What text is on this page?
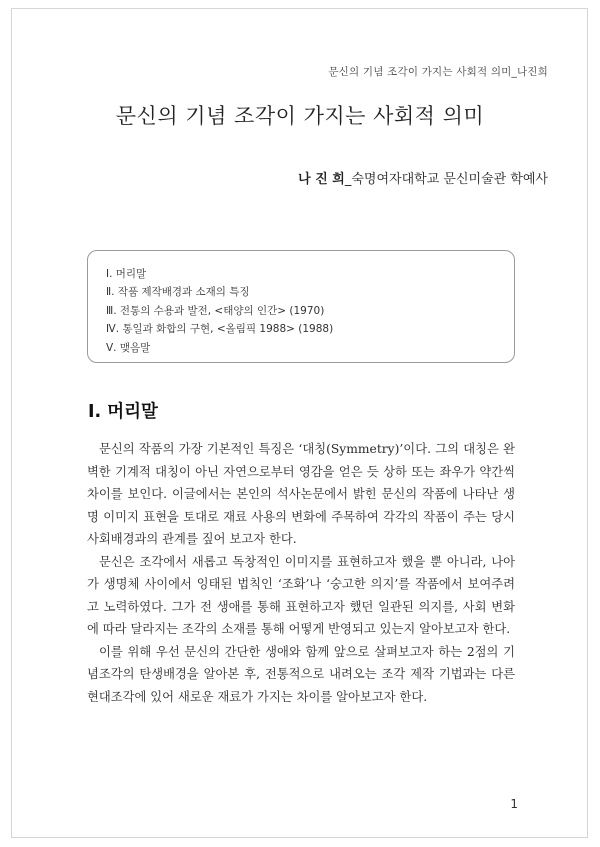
문신의 기념 조각이 가지는 사회적 의미_나진희
문신의 기념 조각이 가지는 사회적 의미
나 진 희_숙명여자대학교 문신미술관 학예사
Ⅰ. 머리말
Ⅱ. 작품 제작배경과 소재의 특징
Ⅲ. 전통의 수용과 발전, <태양의 인간> (1970)
Ⅳ. 통일과 화합의 구현, <올림픽 1988> (1988)
Ⅴ. 맺음말
Ⅰ. 머리말

문신의 작품의 가장 기본적인 특징은 ‘대칭(Symmetry)’이다. 그의 대칭은 완벽한 기계적 대칭이 아닌 자연으로부터 영감을 얻은 듯 상하 또는 좌우가 약간씩 차이를 보인다. 이글에서는 본인의 석사논문에서 밝힌 문신의 작품에 나타난 생명 이미지 표현을 토대로 재료 사용의 변화에 주목하여 각각의 작품이 주는 당시 사회배경과의 관계를 짚어 보고자 한다.

문신은 조각에서 새롭고 독창적인 이미지를 표현하고자 했을 뿐 아니라, 나아가 생명체 사이에서 잉태된 법칙인 ‘조화’나 ‘숭고한 의지’를 작품에서 보여주려고 노력하였다. 그가 전 생애를 통해 표현하고자 했던 일관된 의지를, 사회 변화에 따라 달라지는 조각의 소재를 통해 어떻게 반영되고 있는지 알아보고자 한다.

이를 위해 우선 문신의 간단한 생애와 함께 앞으로 살펴보고자 하는 2점의 기념조각의 탄생배경을 알아본 후, 전통적으로 내려오는 조각 제작 기법과는 다른 현대조각에 있어 새로운 재료가 가지는 차이를 알아보고자 한다.

1
